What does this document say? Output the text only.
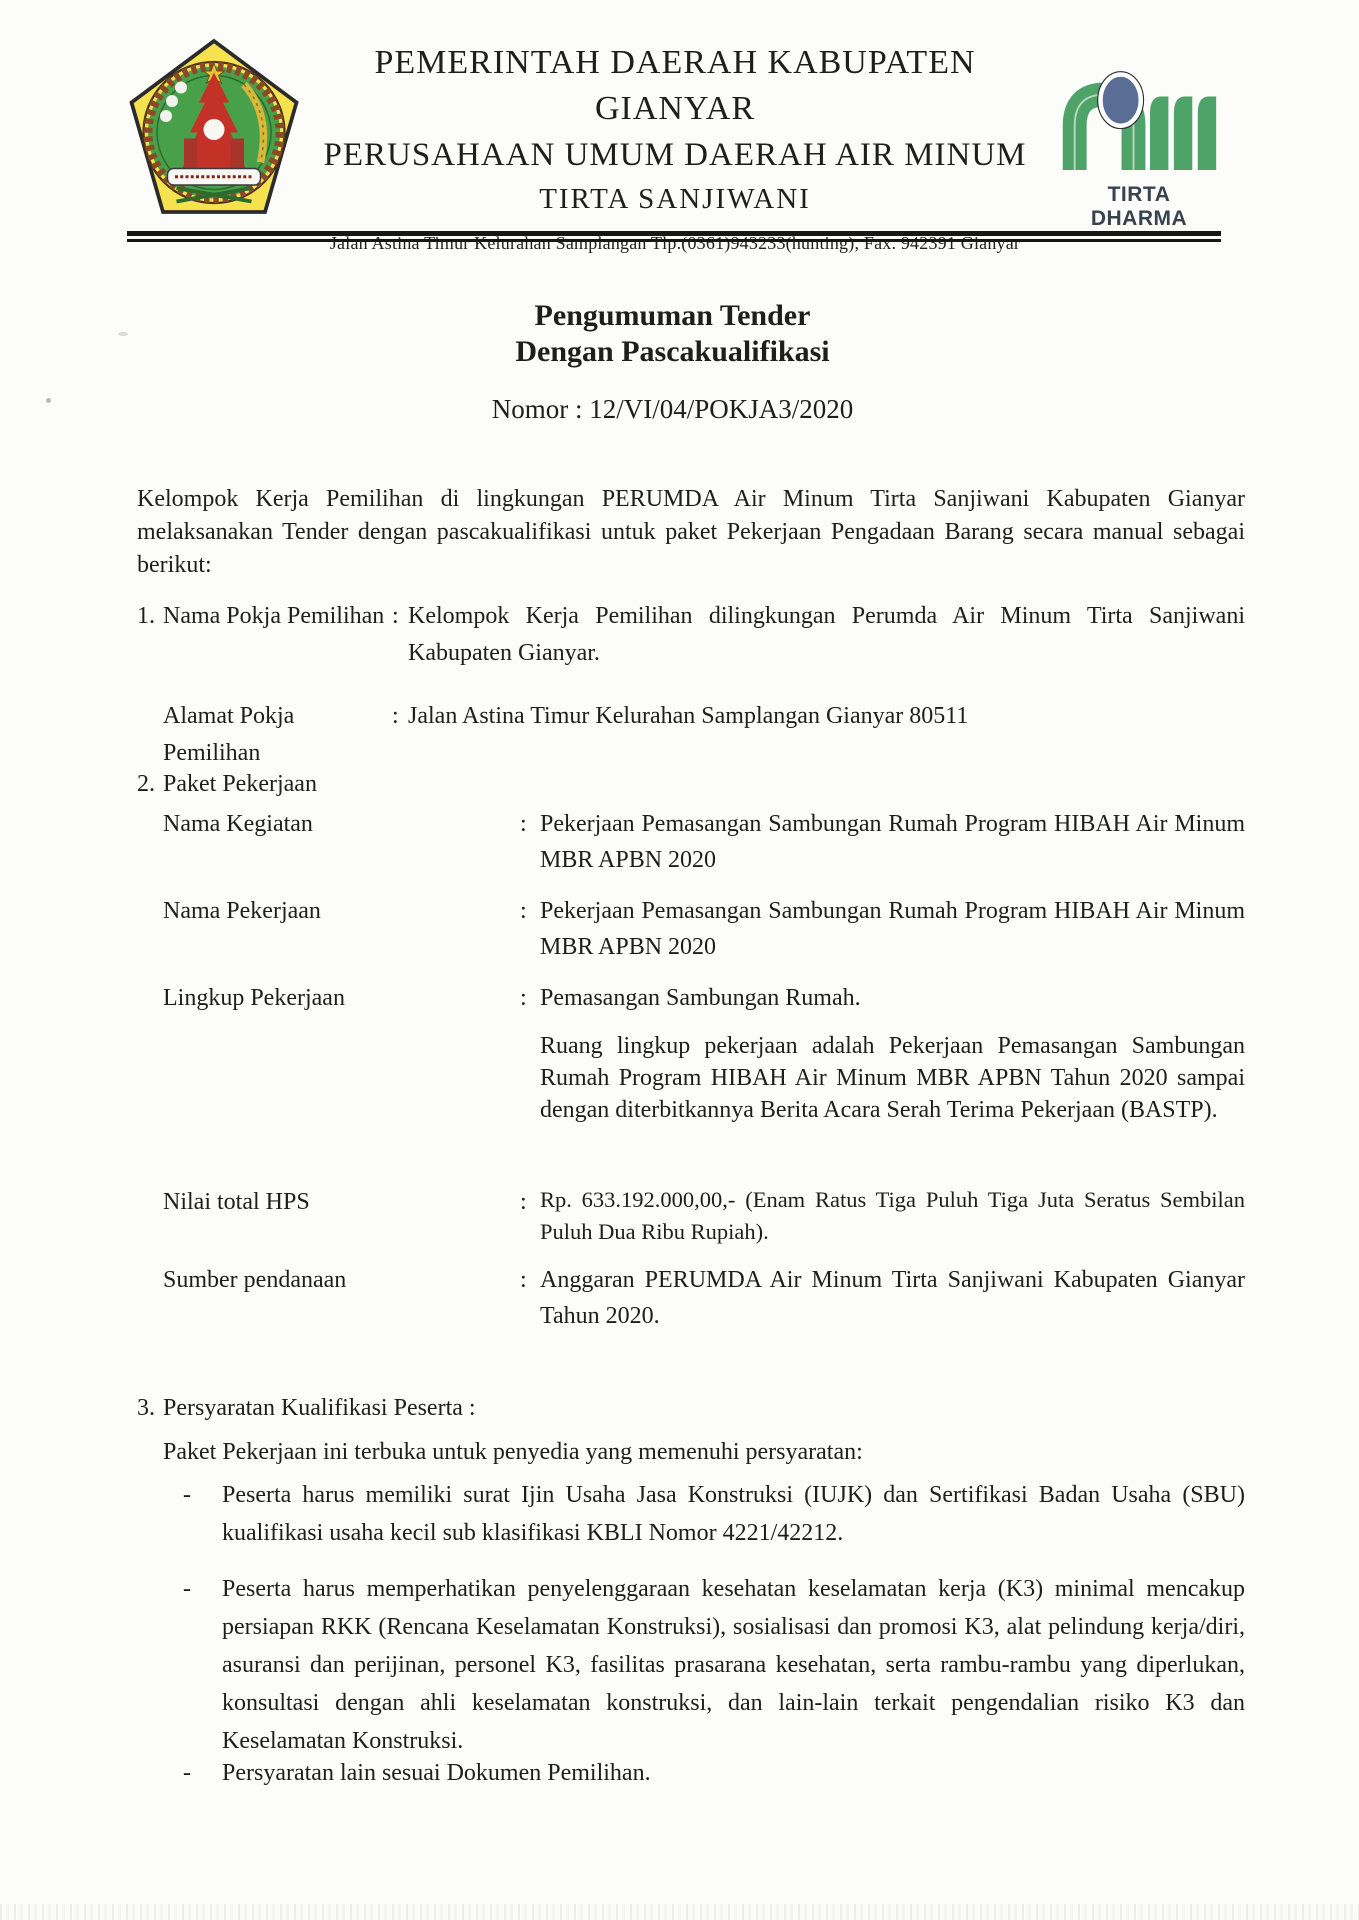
PEMERINTAH DAERAH KABUPATEN GIANYAR
PERUSAHAAN UMUM DAERAH AIR MINUM
TIRTA SANJIWANI
Jalan Astina Timur Kelurahan Samplangan Tlp.(0361)943233(hunting), Fax. 942391 Gianyar
TIRTA DHARMA
Pengumuman Tender
Dengan Pascakualifikasi
Nomor : 12/VI/04/POKJA3/2020
Kelompok Kerja Pemilihan di lingkungan PERUMDA Air Minum Tirta Sanjiwani Kabupaten Gianyar melaksanakan Tender dengan pascakualifikasi untuk paket Pekerjaan Pengadaan Barang secara manual sebagai berikut:
1. Nama Pokja Pemilihan : Kelompok Kerja Pemilihan dilingkungan Perumda Air Minum Tirta Sanjiwani Kabupaten Gianyar.
Alamat Pokja Pemilihan
: Jalan Astina Timur Kelurahan Samplangan Gianyar 80511
2. Paket Pekerjaan
Nama Kegiatan	: Pekerjaan Pemasangan Sambungan Rumah Program HIBAH Air Minum MBR APBN 2020
Nama Pekerjaan	: Pekerjaan Pemasangan Sambungan Rumah Program HIBAH Air Minum MBR APBN 2020
Lingkup Pekerjaan	: Pemasangan Sambungan Rumah.
Ruang lingkup pekerjaan adalah Pekerjaan Pemasangan Sambungan Rumah Program HIBAH Air Minum MBR APBN Tahun 2020 sampai dengan diterbitkannya Berita Acara Serah Terima Pekerjaan (BASTP).
Nilai total HPS	: Rp. 633.192.000,00,- (Enam Ratus Tiga Puluh Tiga Juta Seratus Sembilan Puluh Dua Ribu Rupiah).
Sumber pendanaan	: Anggaran PERUMDA Air Minum Tirta Sanjiwani Kabupaten Gianyar Tahun 2020.
3. Persyaratan Kualifikasi Peserta :
Paket Pekerjaan ini terbuka untuk penyedia yang memenuhi persyaratan:
-	Peserta harus memiliki surat Ijin Usaha Jasa Konstruksi (IUJK) dan Sertifikasi Badan Usaha (SBU) kualifikasi usaha kecil sub klasifikasi KBLI Nomor 4221/42212.
-	Peserta harus memperhatikan penyelenggaraan kesehatan keselamatan kerja (K3) minimal mencakup persiapan RKK (Rencana Keselamatan Konstruksi), sosialisasi dan promosi K3, alat pelindung kerja/diri, asuransi dan perijinan, personel K3, fasilitas prasarana kesehatan, serta rambu-rambu yang diperlukan, konsultasi dengan ahli keselamatan konstruksi, dan lain-lain terkait pengendalian risiko K3 dan Keselamatan Konstruksi.
-	Persyaratan lain sesuai Dokumen Pemilihan.
